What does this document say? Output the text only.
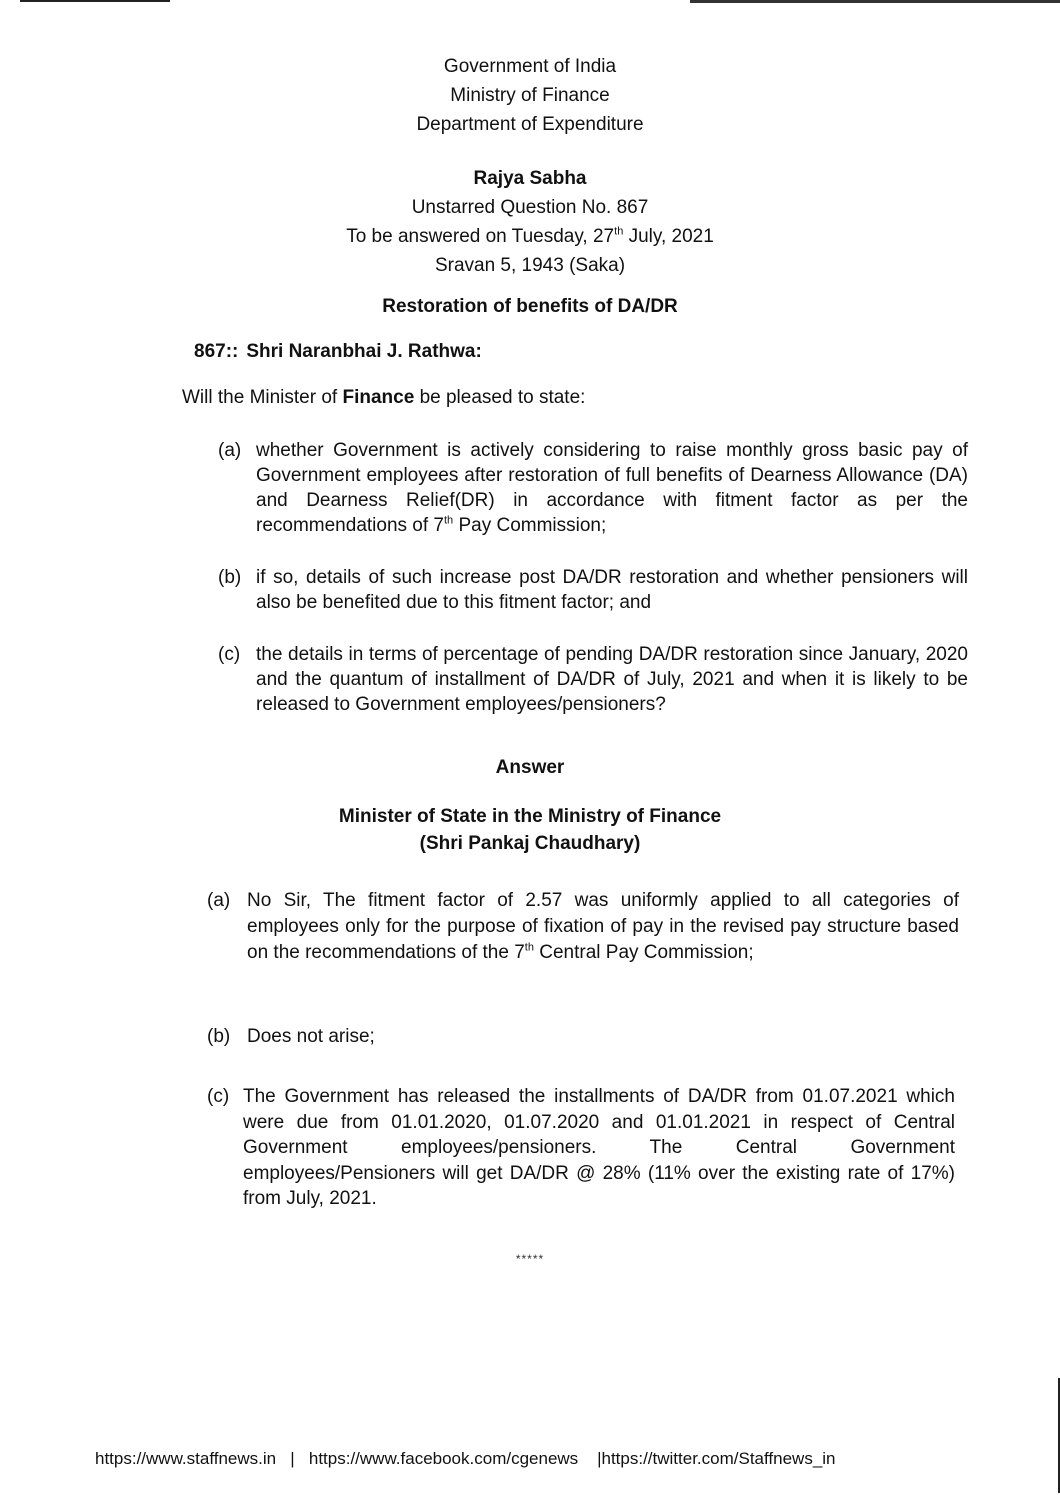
Government of India
Ministry of Finance
Department of Expenditure
Rajya Sabha
Unstarred Question No. 867
To be answered on Tuesday, 27th July, 2021
Sravan 5, 1943 (Saka)
Restoration of benefits of DA/DR
867:: Shri Naranbhai J. Rathwa:
Will the Minister of Finance be pleased to state:
(a) whether Government is actively considering to raise monthly gross basic pay of Government employees after restoration of full benefits of Dearness Allowance (DA) and Dearness Relief(DR) in accordance with fitment factor as per the recommendations of 7th Pay Commission;
(b) if so, details of such increase post DA/DR restoration and whether pensioners will also be benefited due to this fitment factor; and
(c) the details in terms of percentage of pending DA/DR restoration since January, 2020 and the quantum of installment of DA/DR of July, 2021 and when it is likely to be released to Government employees/pensioners?
Answer
Minister of State in the Ministry of Finance
(Shri Pankaj Chaudhary)
(a) No Sir, The fitment factor of 2.57 was uniformly applied to all categories of employees only for the purpose of fixation of pay in the revised pay structure based on the recommendations of the 7th Central Pay Commission;
(b) Does not arise;
(c) The Government has released the installments of DA/DR from 01.07.2021 which were due from 01.01.2020, 01.07.2020 and 01.01.2021 in respect of Central Government employees/pensioners. The Central Government employees/Pensioners will get DA/DR @ 28% (11% over the existing rate of 17%) from July, 2021.
*****
https://www.staffnews.in | https://www.facebook.com/cgenews |https://twitter.com/Staffnews_in
